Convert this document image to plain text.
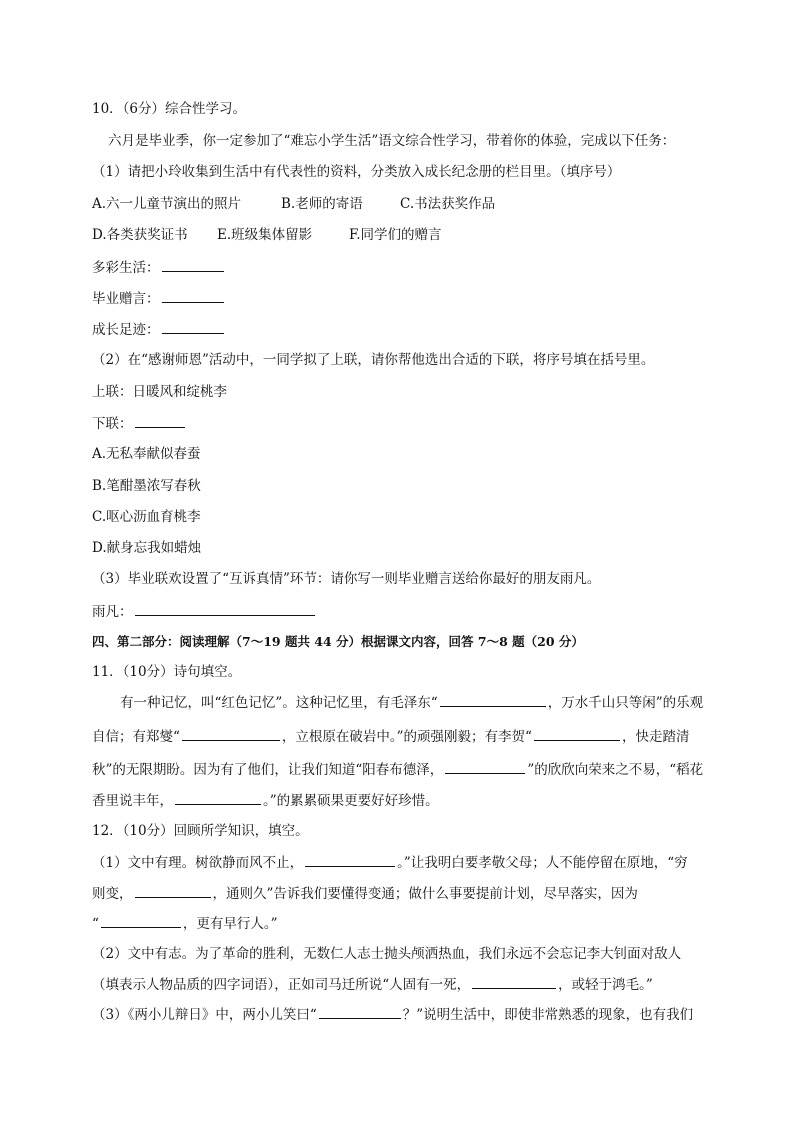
10．（6分）综合性学习。
六月是毕业季，你一定参加了“难忘小学生活”语文综合性学习，带着你的体验，完成以下任务：
（1）请把小玲收集到生活中有代表性的资料，分类放入成长纪念册的栏目里。（填序号）
A.六一儿童节演出的照片	B.老师的寄语	C.书法获奖作品
D.各类获奖证书 E.班级集体留影	F.同学们的赠言
多彩生活：
毕业赠言：
成长足迹：
（2）在“感谢师恩”活动中，一同学拟了上联，请你帮他选出合适的下联，将序号填在括号里。
上联：日暖风和绽桃李
下联：
A.无私奉献似春蚕
B.笔酣墨浓写春秋
C.呕心沥血育桃李
D.献身忘我如蜡烛
（3）毕业联欢设置了“互诉真情”环节：请你写一则毕业赠言送给你最好的朋友雨凡。
雨凡：
四、第二部分：阅读理解（7～19 题共 44 分）根据课文内容，回答 7～8 题（20 分）
11．（10分）诗句填空。
有一种记忆，叫“红色记忆”。这种记忆里，有毛泽东“	，万水千山只等闲”的乐观
自信；有郑燮“	，立根原在破岩中。”的顽强刚毅；有李贺“	，快走踏清
秋”的无限期盼。因为有了他们，让我们知道“阳春布德泽，	”的欣欣向荣来之不易，“稻花
香里说丰年，	。”的累累硕果更要好好珍惜。
12．（10分）回顾所学知识，填空。
（1）文中有理。树欲静而风不止，	。”让我明白要孝敬父母；人不能停留在原地，“穷
则变，	，通则久”告诉我们要懂得变通；做什么事要提前计划，尽早落实，因为
“	，更有早行人。”
（2）文中有志。为了革命的胜利，无数仁人志士抛头颅洒热血，我们永远不会忘记李大钊面对敌人
（填表示人物品质的四字词语），正如司马迁所说“人固有一死，	，或轻于鸿毛。”
（3）《两小儿辩日》中，两小儿笑曰“	？”说明生活中，即使非常熟悉的现象，也有我们
